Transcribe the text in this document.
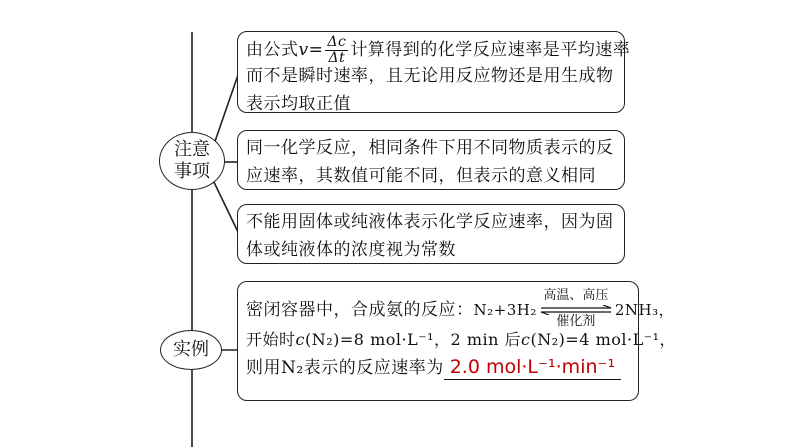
注意
事项
实例
由公式$v= \frac{\Delta c}{\Delta t}$ 计算得到的化学反应速率是平均速率
而不是瞬时速率，且无论用反应物还是用生成物
表示均取正值
同一化学反应，相同条件下用不同物质表示的反
应速率，其数值可能不同，但表示的意义相同
不能用固体或纯液体表示化学反应速率，因为固
体或纯液体的浓度视为常数
密闭容器中，合成氨的反应：N₂+3H₂
高温、高压
催化剂
2NH₃，
开始时c(N₂)=8 mol·L⁻¹，2 min 后c(N₂)=4 mol·L⁻¹，
则用N₂表示的反应速率为 2.0 mol·L⁻¹·min⁻¹
